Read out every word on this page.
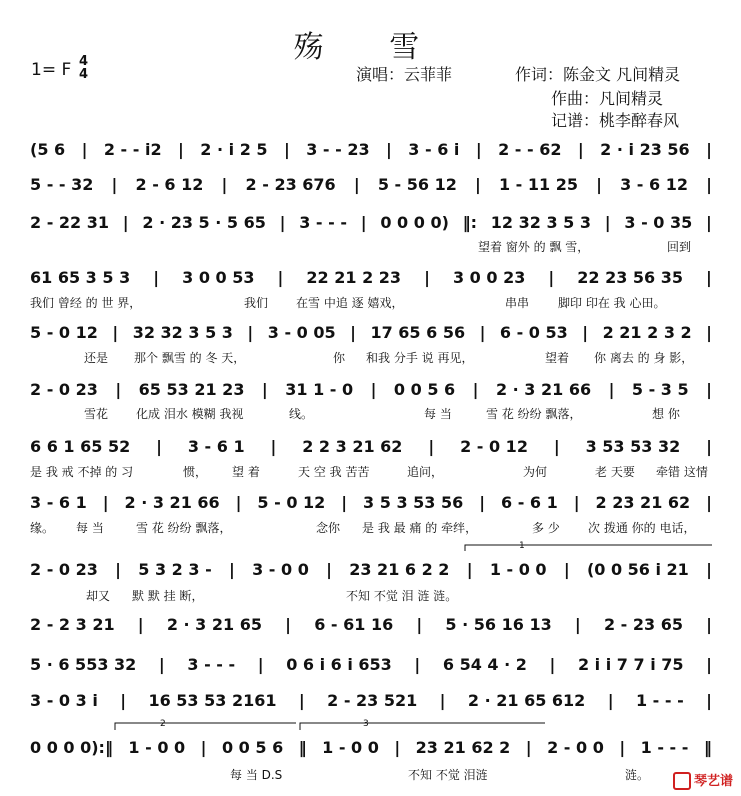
殇 雪
1= F 4
4	演唱：云菲菲	作词：陈金文 凡间精灵
作曲：凡间精灵
记谱：桃李醉春风
(5 6 | 2 - - i2 | 2 · i 2 5 | 3 - - 23 | 3 - 6 i | 2 - - 62 | 2 · i 23 56 |
5 - - 32 | 2 - 6 12 | 2 - 23 676 | 5 - 56 12 | 1 - 11 25 | 3 - 6 12 |
2 - 22 31 | 2 · 23 5 · 5 65 | 3 - - - | 0 0 0 0) ‖: 12 32 3 5 3 | 3 - 0 35 |
61 65 3 5 3 | 3 0 0 53 | 22 21 2 23 | 3 0 0 23 | 22 23 56 35 |
5 - 0 12 | 32 32 3 5 3 | 3 - 0 05 | 17 65 6 56 | 6 - 0 53 | 2 21 2 3 2 |
2 - 0 23 | 65 53 21 23 | 31 1 - 0 | 0 0 5 6 | 2 · 3 21 66 | 5 - 3 5 |
6 6 1 65 52 | 3 - 6 1 | 2 2 3 21 62 | 2 - 0 12 | 3 53 53 32 |
3 - 6 1 | 2 · 3 21 66 | 5 - 0 12 | 3 5 3 53 56 | 6 - 6 1 | 2 23 21 62 |
2 - 0 23 | 5 3 2 3 - | 3 - 0 0 | 23 21 6 2 2 | 1 - 0 0 | (0 0 56 i 21 |
2 - 2 3 21 | 2 · 3 21 65 | 6 - 61 16 | 5 · 56 16 13 | 2 - 23 65 |
5 · 6 553 32 | 3 - - - | 0 6 i 6 i 653 | 6 54 4 · 2 | 2 i i 7 7 i 75 |
3 - 0 3 i | 16 53 53 2161 | 2 - 23 521 | 2 · 21 65 612 | 1 - - - |
0 0 0 0):‖ 1 - 0 0 | 0 0 5 6 ‖ 1 - 0 0 | 23 21 62 2 | 2 - 0 0 | 1 - - - ‖
望着 窗外 的 飘 雪，	回到
我们 曾经 的 世 界，	我们 在雪 中追 逐 嬉戏，	串串 脚印 印在 我 心田。
还是 那个 飘雪 的 冬 天，	你 和我 分手 说 再见，	望着 你 离去 的 身 影，
雪花 化成 泪水 模糊 我视	线。	每 当	雪 花 纷纷 飘落，	想 你
是 我 戒 不掉 的 习	惯， 望 着	天 空 我 苦苦	追问，	为何	老 天要 牵错 这情
缘。 每 当	雪 花 纷纷 飘落，	念你 是 我 最 痛 的 牵绊，	多 少 次 拨通 你的 电话，
却又 默 默 挂 断，	不知 不觉 泪 涟 涟。
每 当 D.S	不知 不觉 泪涟	涟。
1
2	3
琴艺谱
